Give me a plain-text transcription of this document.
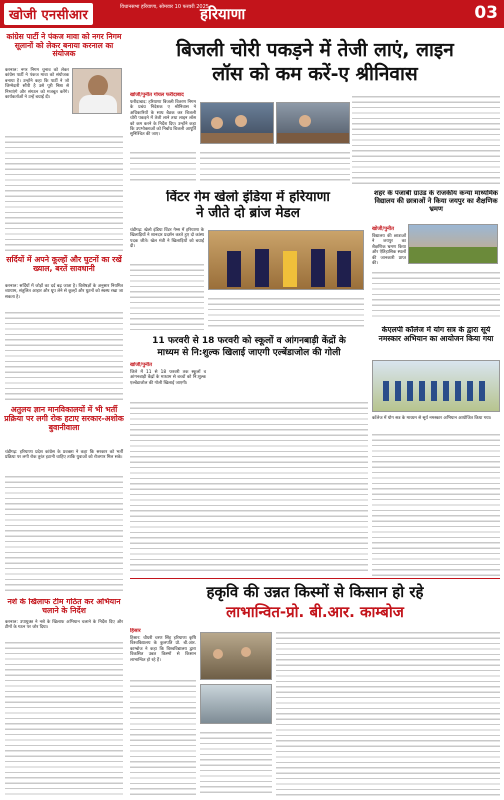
खोजी एनसीआर
विधानसभा हरियाणा, सोमवार 10 फरवरी 2025
हरियाणा	03
कांग्रेस पार्टी ने पंकज मावा को नगर निगम सूलानों को लेकर बनाया करनाल का संयोजक
करनाल: नगर निगम चुनाव को लेकर कांग्रेस पार्टी ने पंकज मावा को संयोजक बनाया है। उन्होंने कहा कि पार्टी ने जो जिम्मेदारी सौंपी है उसे पूरी निष्ठा से निभाएंगे और संगठन को मजबूत करेंगे। कार्यकर्ताओं ने उन्हें बधाई दी।
सर्दियों में अपने कूल्हों और घुटनों का रखें ख्याल, बरतें सावधानी
करनाल: सर्दियों में जोड़ों का दर्द बढ़ जाता है। विशेषज्ञों के अनुसार नियमित व्यायाम, संतुलित आहार और धूप लेने से कूल्हों और घुटनों को स्वस्थ रखा जा सकता है।
अतुलय ज्ञान मानविकालयों में भी भर्ती प्रक्रिया पर लगी रोक हटाए सरकार-अशोक बुवानीवाला
चंडीगढ़: हरियाणा प्रदेश कांग्रेस के प्रवक्ता ने कहा कि सरकार को भर्ती प्रक्रिया पर लगी रोक तुरंत हटानी चाहिए ताकि युवाओं को रोजगार मिल सके।
बिजली चोरी पकड़ने में तेजी लाएं, लाइन
लॉस को कम करें-ए श्रीनिवास
खोजी/पुनीत गोयल फरीदाबाद
फरीदाबाद: हरियाणा बिजली वितरण निगम के प्रबंध निदेशक ए श्रीनिवास ने अधिकारियों के साथ बैठक कर बिजली चोरी पकड़ने में तेजी लाने तथा लाइन लॉस को कम करने के निर्देश दिए। उन्होंने कहा कि उपभोक्ताओं को निर्बाध बिजली आपूर्ति सुनिश्चित की जाए।
विंटर गेम खेलो इंडिया में हरियाणा
ने जीते दो ब्रांज मेडल
चंडीगढ़: खेलो इंडिया विंटर गेम्स में हरियाणा के खिलाड़ियों ने शानदार प्रदर्शन करते हुए दो कांस्य पदक जीते। खेल मंत्री ने खिलाड़ियों को बधाई दी।
शहर के पंजाबी ग्राउंड के राजकीय कन्या माध्यमिक विद्यालय की छात्राओं ने किया जयपुर का शैक्षणिक भ्रमण
खोजी/पुनीत
विद्यालय की छात्राओं ने जयपुर का शैक्षणिक भ्रमण किया और ऐतिहासिक स्थलों की जानकारी प्राप्त की।
केएलपी कॉलेज में योग सत्र के द्वारा सूर्य नमस्कार अभियान का आयोजन किया गया
कॉलेज में योग सत्र के माध्यम से सूर्य नमस्कार अभियान आयोजित किया गया।
11 फरवरी से 18 फरवरी को स्कूलों व आंगनबाड़ी केंद्रों के
माध्यम से नि:शुल्क खिलाई जाएगी एल्बेंडाजोल की गोली
खोजी/पुनीत
जिले में 11 से 18 फरवरी तक स्कूलों व आंगनबाड़ी केंद्रों के माध्यम से बच्चों को नि:शुल्क एल्बेंडाजोल की गोली खिलाई जाएगी।
नशे के खिलाफ टीम गठित कर अभियान चलाने के निर्देश
करनाल: उपायुक्त ने नशे के खिलाफ अभियान चलाने के निर्देश दिए और टीमों के गठन पर जोर दिया।
हकृवि की उन्नत किस्मों से किसान हो रहे
लाभान्वित-प्रो. बी.आर. काम्बोज
हिसार
हिसार: चौधरी चरण सिंह हरियाणा कृषि विश्वविद्यालय के कुलपति प्रो. बी.आर. काम्बोज ने कहा कि विश्वविद्यालय द्वारा विकसित उन्नत किस्मों से किसान लाभान्वित हो रहे हैं।
